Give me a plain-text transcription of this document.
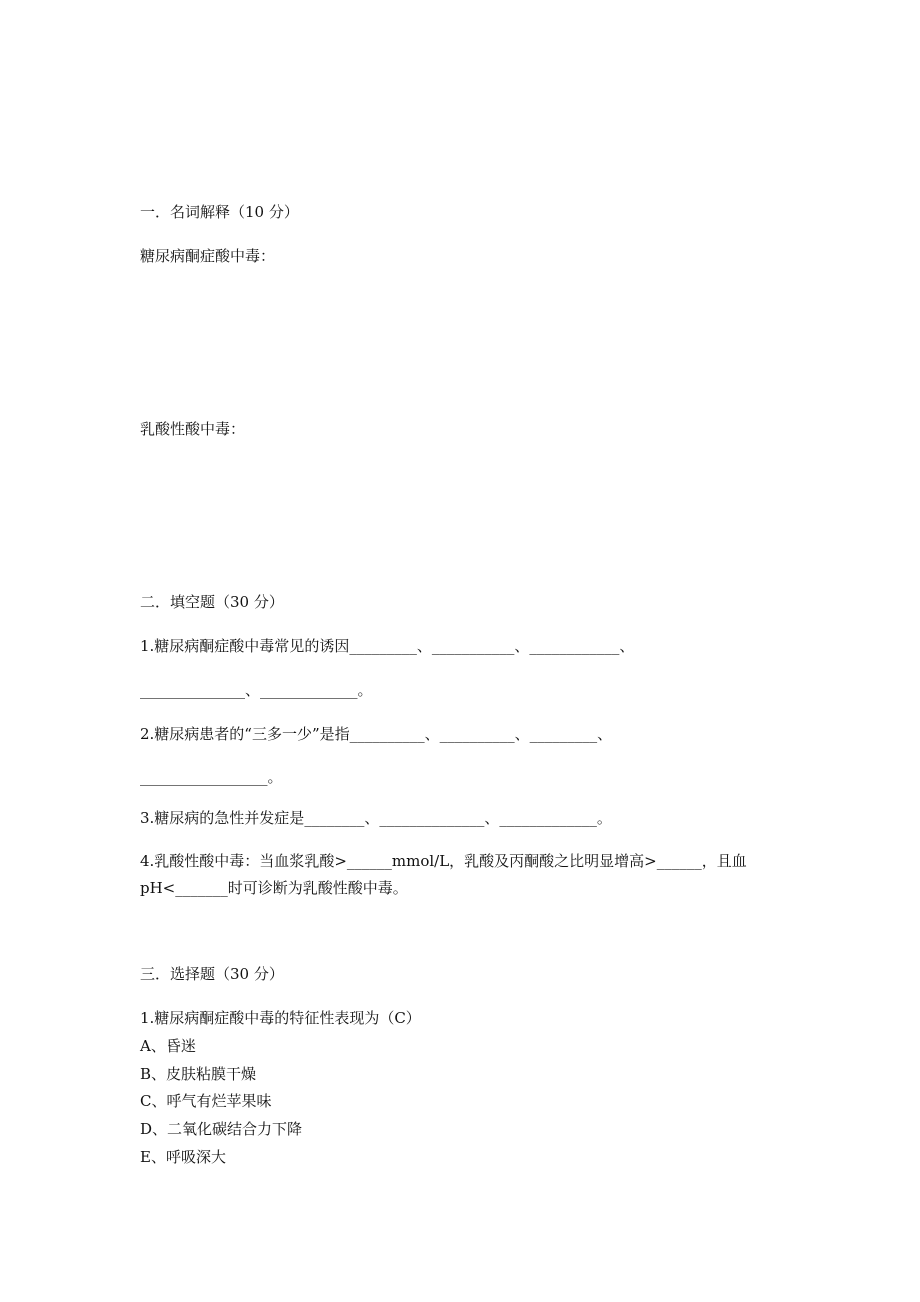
一．名词解释（10 分）

糖尿病酮症酸中毒：

乳酸性酸中毒：

二．填空题（30 分）

1.糖尿病酮症酸中毒常见的诱因_________、___________、____________、

______________、_____________。

2.糖尿病患者的“三多一少”是指__________、__________、_________、

_________________。

3.糖尿病的急性并发症是________、______________、_____________。

4.乳酸性酸中毒：当血浆乳酸>______mmol/L，乳酸及丙酮酸之比明显增高>______，且血

pH<_______时可诊断为乳酸性酸中毒。

三．选择题（30 分）

1.糖尿病酮症酸中毒的特征性表现为（C）

A、昏迷

B、皮肤粘膜干燥

C、呼气有烂苹果味

D、二氧化碳结合力下降

E、呼吸深大
